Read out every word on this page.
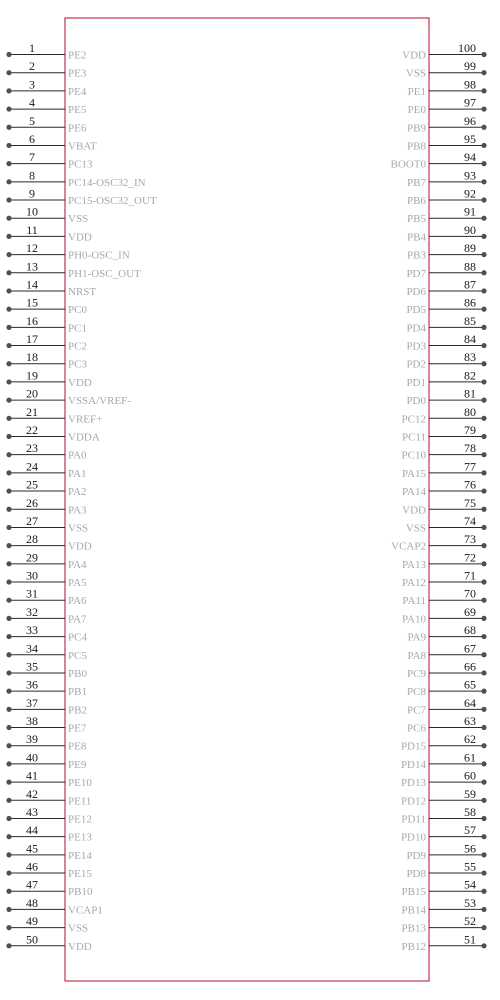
1
PE2
2
PE3
3
PE4
4
PE5
5
PE6
6
VBAT
7
PC13
8
PC14-OSC32_IN
9
PC15-OSC32_OUT
10
VSS
11
VDD
12
PH0-OSC_IN
13
PH1-OSC_OUT
14
NRST
15
PC0
16
PC1
17
PC2
18
PC3
19
VDD
20
VSSA/VREF-
21
VREF+
22
VDDA
23
PA0
24
PA1
25
PA2
26
PA3
27
VSS
28
VDD
29
PA4
30
PA5
31
PA6
32
PA7
33
PC4
34
PC5
35
PB0
36
PB1
37
PB2
38
PE7
39
PE8
40
PE9
41
PE10
42
PE11
43
PE12
44
PE13
45
PE14
46
PE15
47
PB10
48
VCAP1
49
VSS
50
VDD
100
VDD
99
VSS
98
PE1
97
PE0
96
PB9
95
PB8
94
BOOT0
93
PB7
92
PB6
91
PB5
90
PB4
89
PB3
88
PD7
87
PD6
86
PD5
85
PD4
84
PD3
83
PD2
82
PD1
81
PD0
80
PC12
79
PC11
78
PC10
77
PA15
76
PA14
75
VDD
74
VSS
73
VCAP2
72
PA13
71
PA12
70
PA11
69
PA10
68
PA9
67
PA8
66
PC9
65
PC8
64
PC7
63
PC6
62
PD15
61
PD14
60
PD13
59
PD12
58
PD11
57
PD10
56
PD9
55
PD8
54
PB15
53
PB14
52
PB13
51
PB12
